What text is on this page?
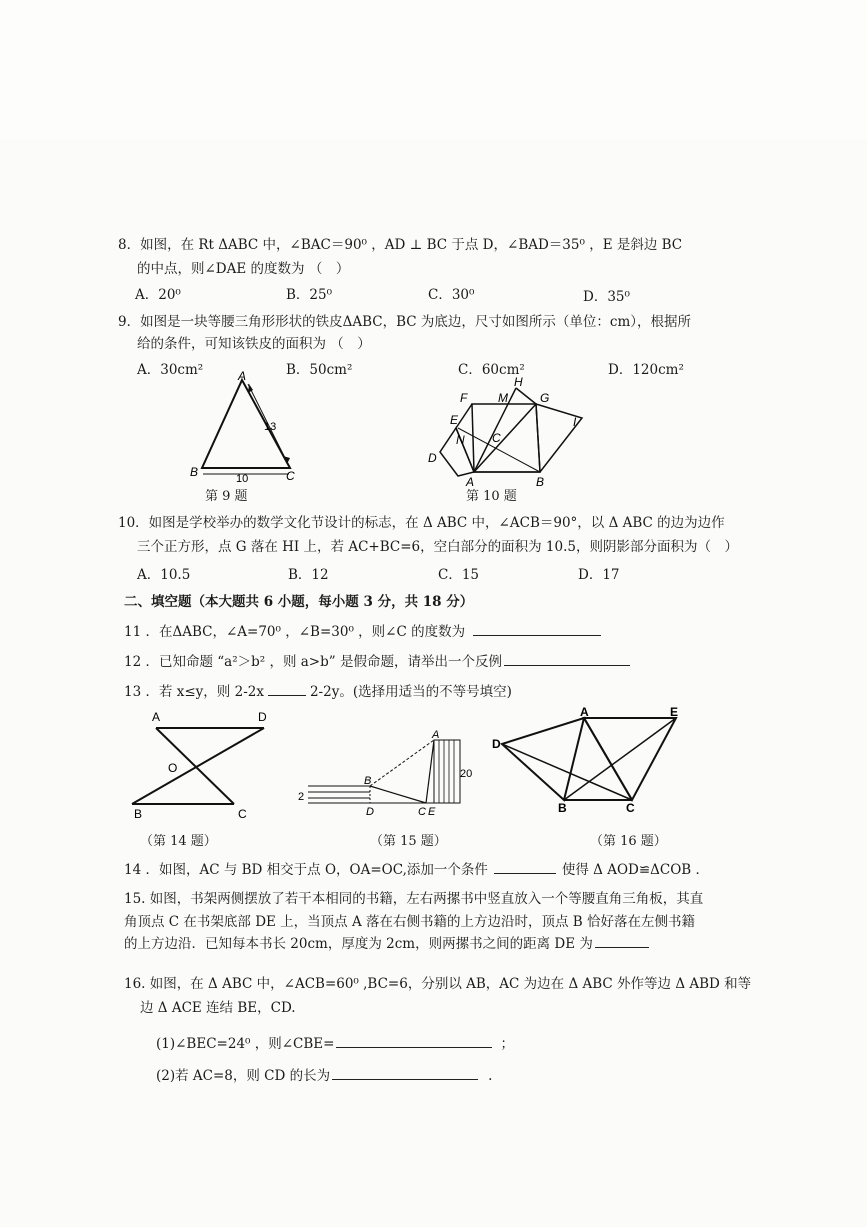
8．如图，在 Rt ΔABC 中，∠BAC＝90⁰ ，AD ⊥ BC 于点 D，∠BAD＝35⁰ ，E 是斜边 BC
的中点，则∠DAE 的度数为 （　）
A．20⁰	B．25⁰	C．30⁰	D．35⁰
9．如图是一块等腰三角形形状的铁皮ΔABC，BC 为底边，尺寸如图所示（单位：cm），根据所
给的条件，可知该铁皮的面积为 （　）
A．30cm²	B．50cm²	C．60cm²	D．120cm²
A
B	C
13
10
第 9 题
H
M	G
F
E	I
N C
D
A	B
第 10 题
10．如图是学校举办的数学文化节设计的标志，在 Δ ABC 中，∠ACB＝90°，以 Δ ABC 的边为边作
三个正方形，点 G 落在 HI 上，若 AC+BC=6，空白部分的面积为 10.5，则阴影部分面积为（　）
A．10.5	B．12	C．15	D．17
二、填空题（本大题共 6 小题，每小题 3 分，共 18 分）
11 ．在ΔABC，∠A=70⁰ ，∠B=30⁰ ，则∠C 的度数为
12 ．已知命题 “a²＞b² ，则 a>b” 是假命题，请举出一个反例
13 ．若 x≤y，则 2-2x	2-2y。(选择用适当的不等号填空)
A	D
O
B	C
（第 14 题）
A
B
D	C E
20
2
（第 15 题）
A	E
D
B	C
（第 16 题）
14 ．如图，AC 与 BD 相交于点 O，OA=OC,添加一个条件	使得 Δ AOD≌ΔCOB ．
15. 如图，书架两侧摆放了若干本相同的书籍，左右两摞书中竖直放入一个等腰直角三角板，其直
角顶点 C 在书架底部 DE 上，当顶点 A 落在右侧书籍的上方边沿时，顶点 B 恰好落在左侧书籍
的上方边沿．已知每本书长 20cm，厚度为 2cm，则两摞书之间的距离 DE 为
16. 如图，在 Δ ABC 中，∠ACB=60⁰ ,BC=6，分别以 AB，AC 为边在 Δ ABC 外作等边 Δ ABD 和等
边 Δ ACE 连结 BE，CD.
(1)∠BEC=24⁰ ，则∠CBE=	；
(2)若 AC=8，则 CD 的长为	.
